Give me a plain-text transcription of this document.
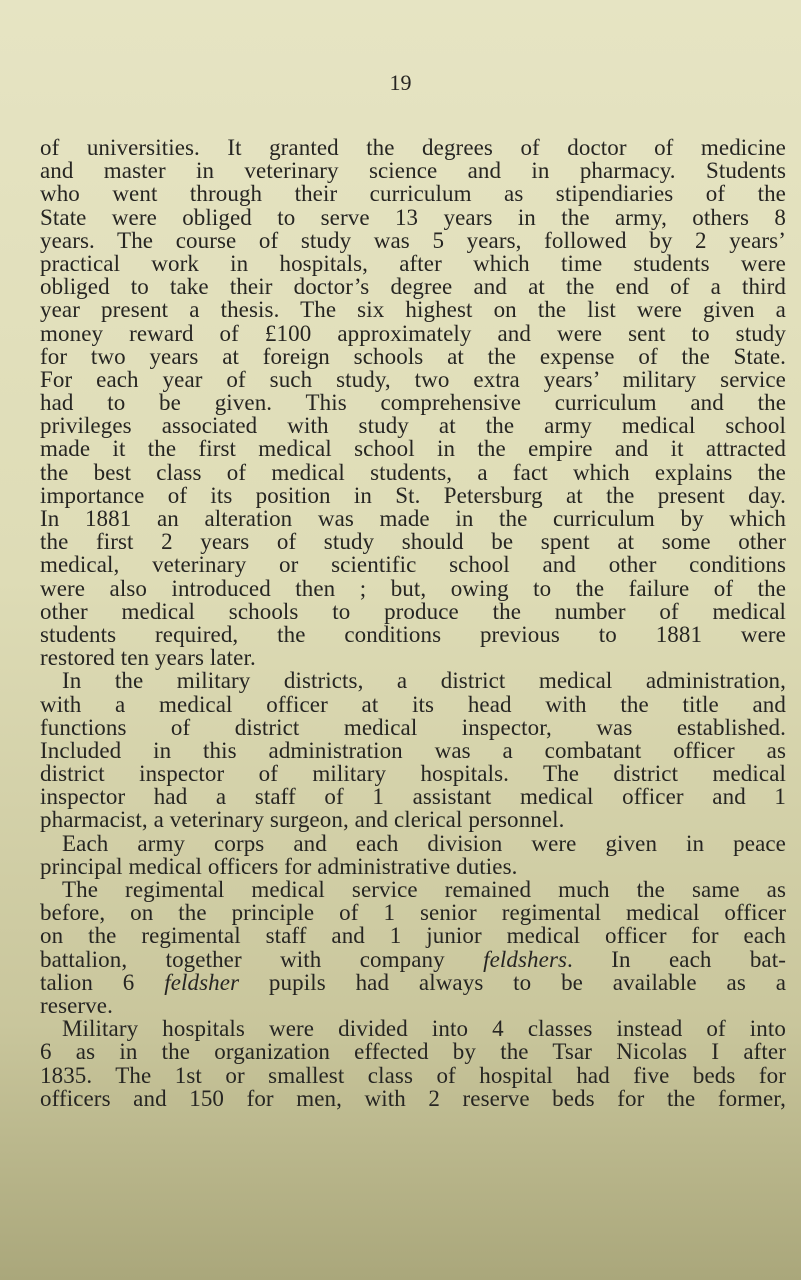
19
of universities. It granted the degrees of doctor of medicine
and master in veterinary science and in pharmacy. Students
who went through their curriculum as stipendiaries of the
State were obliged to serve 13 years in the army, others 8
years. The course of study was 5 years, followed by 2 years’
practical work in hospitals, after which time students were
obliged to take their doctor’s degree and at the end of a third
year present a thesis. The six highest on the list were given a
money reward of £100 approximately and were sent to study
for two years at foreign schools at the expense of the State.
For each year of such study, two extra years’ military service
had to be given. This comprehensive curriculum and the
privileges associated with study at the army medical school
made it the first medical school in the empire and it attracted
the best class of medical students, a fact which explains the
importance of its position in St. Petersburg at the present day.
In 1881 an alteration was made in the curriculum by which
the first 2 years of study should be spent at some other
medical, veterinary or scientific school and other conditions
were also introduced then ; but, owing to the failure of the
other medical schools to produce the number of medical
students required, the conditions previous to 1881 were
restored ten years later.
In the military districts, a district medical administration,
with a medical officer at its head with the title and
functions of district medical inspector, was established.
Included in this administration was a combatant officer as
district inspector of military hospitals. The district medical
inspector had a staff of 1 assistant medical officer and 1
pharmacist, a veterinary surgeon, and clerical personnel.
Each army corps and each division were given in peace
principal medical officers for administrative duties.
The regimental medical service remained much the same as
before, on the principle of 1 senior regimental medical officer
on the regimental staff and 1 junior medical officer for each
battalion, together with company feldshers. In each bat-
talion 6 feldsher pupils had always to be available as a
reserve.
Military hospitals were divided into 4 classes instead of into
6 as in the organization effected by the Tsar Nicolas I after
1835. The 1st or smallest class of hospital had five beds for
officers and 150 for men, with 2 reserve beds for the former,
